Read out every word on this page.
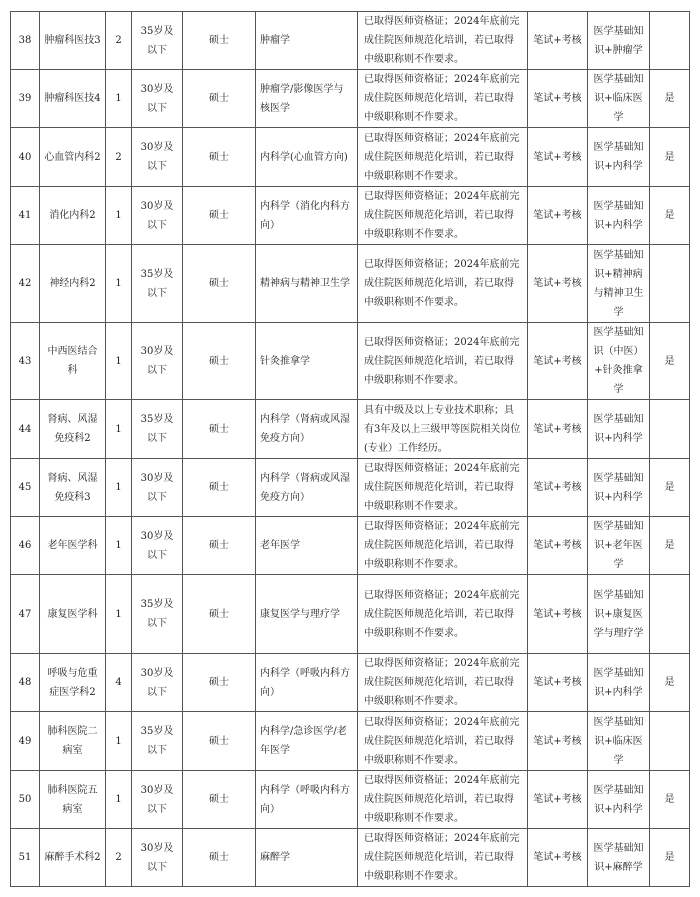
38	肿瘤科医技3	2	35岁及以下	硕士	肿瘤学	已取得医师资格证；2024年底前完成住院医师规范化培训，若已取得中级职称则不作要求。	笔试+考核	医学基础知识+肿瘤学	
39	肿瘤科医技4	1	30岁及以下	硕士	肿瘤学/影像医学与核医学	已取得医师资格证；2024年底前完成住院医师规范化培训，若已取得中级职称则不作要求。	笔试+考核	医学基础知识+临床医学	是
40	心血管内科2	2	30岁及以下	硕士	内科学(心血管方向)	已取得医师资格证；2024年底前完成住院医师规范化培训，若已取得中级职称则不作要求。	笔试+考核	医学基础知识+内科学	是
41	消化内科2	1	30岁及以下	硕士	内科学（消化内科方向）	已取得医师资格证；2024年底前完成住院医师规范化培训，若已取得中级职称则不作要求。	笔试+考核	医学基础知识+内科学	是
42	神经内科2	1	35岁及以下	硕士	精神病与精神卫生学	已取得医师资格证；2024年底前完成住院医师规范化培训，若已取得中级职称则不作要求。	笔试+考核	医学基础知识+精神病与精神卫生学	
43	中西医结合科	1	30岁及以下	硕士	针灸推拿学	已取得医师资格证；2024年底前完成住院医师规范化培训，若已取得中级职称则不作要求。	笔试+考核	医学基础知识（中医）+针灸推拿学	是
44	肾病、风湿免疫科2	1	35岁及以下	硕士	内科学（肾病或风湿免疫方向）	具有中级及以上专业技术职称；具有3年及以上三级甲等医院相关岗位(专业）工作经历。	笔试+考核	医学基础知识+内科学	
45	肾病、风湿免疫科3	1	30岁及以下	硕士	内科学（肾病或风湿免疫方向）	已取得医师资格证；2024年底前完成住院医师规范化培训，若已取得中级职称则不作要求。	笔试+考核	医学基础知识+内科学	是
46	老年医学科	1	30岁及以下	硕士	老年医学	已取得医师资格证；2024年底前完成住院医师规范化培训，若已取得中级职称则不作要求。	笔试+考核	医学基础知识+老年医学	是
47	康复医学科	1	35岁及以下	硕士	康复医学与理疗学	已取得医师资格证；2024年底前完成住院医师规范化培训，若已取得中级职称则不作要求。	笔试+考核	医学基础知识+康复医学与理疗学	
48	呼吸与危重症医学科2	4	30岁及以下	硕士	内科学（呼吸内科方向）	已取得医师资格证；2024年底前完成住院医师规范化培训，若已取得中级职称则不作要求。	笔试+考核	医学基础知识+内科学	是
49	肺科医院二病室	1	35岁及以下	硕士	内科学/急诊医学/老年医学	已取得医师资格证；2024年底前完成住院医师规范化培训，若已取得中级职称则不作要求。	笔试+考核	医学基础知识+临床医学	
50	肺科医院五病室	1	30岁及以下	硕士	内科学（呼吸内科方向）	已取得医师资格证；2024年底前完成住院医师规范化培训，若已取得中级职称则不作要求。	笔试+考核	医学基础知识+内科学	是
51	麻醉手术科2	2	30岁及以下	硕士	麻醉学	已取得医师资格证；2024年底前完成住院医师规范化培训，若已取得中级职称则不作要求。	笔试+考核	医学基础知识+麻醉学	是
